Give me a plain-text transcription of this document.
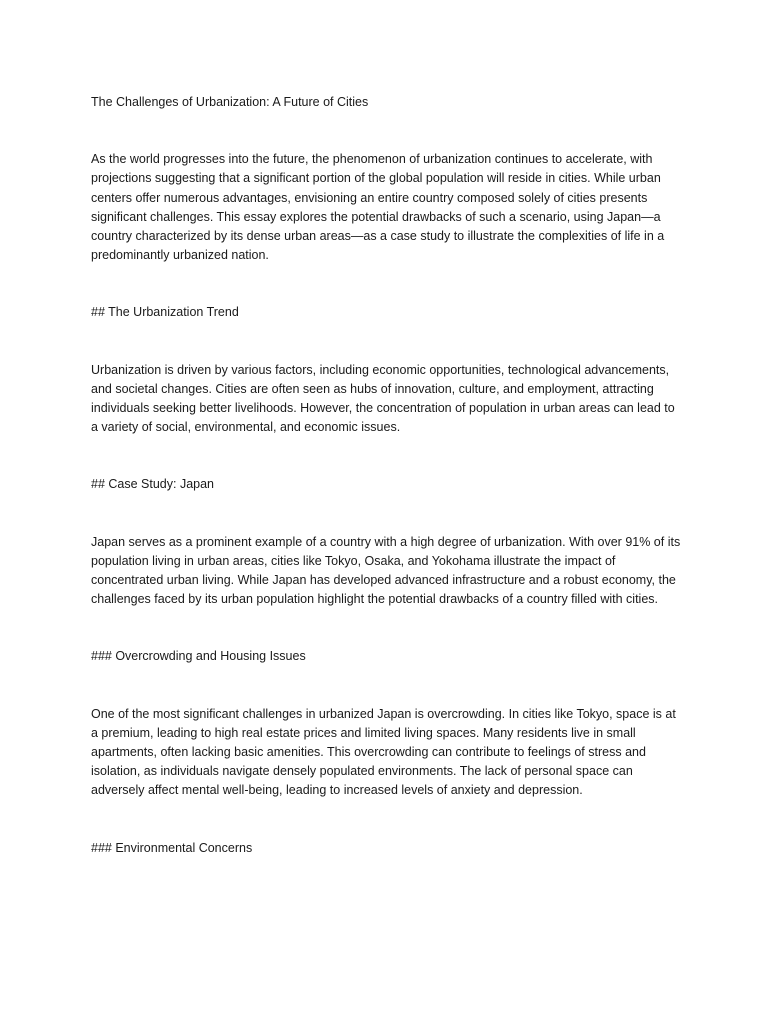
The Challenges of Urbanization: A Future of Cities

As the world progresses into the future, the phenomenon of urbanization continues to accelerate, with projections suggesting that a significant portion of the global population will reside in cities. While urban centers offer numerous advantages, envisioning an entire country composed solely of cities presents significant challenges. This essay explores the potential drawbacks of such a scenario, using Japan—a country characterized by its dense urban areas—as a case study to illustrate the complexities of life in a predominantly urbanized nation.

## The Urbanization Trend

Urbanization is driven by various factors, including economic opportunities, technological advancements, and societal changes. Cities are often seen as hubs of innovation, culture, and employment, attracting individuals seeking better livelihoods. However, the concentration of population in urban areas can lead to a variety of social, environmental, and economic issues.

## Case Study: Japan

Japan serves as a prominent example of a country with a high degree of urbanization. With over 91% of its population living in urban areas, cities like Tokyo, Osaka, and Yokohama illustrate the impact of concentrated urban living. While Japan has developed advanced infrastructure and a robust economy, the challenges faced by its urban population highlight the potential drawbacks of a country filled with cities.

### Overcrowding and Housing Issues

One of the most significant challenges in urbanized Japan is overcrowding. In cities like Tokyo, space is at a premium, leading to high real estate prices and limited living spaces. Many residents live in small apartments, often lacking basic amenities. This overcrowding can contribute to feelings of stress and isolation, as individuals navigate densely populated environments. The lack of personal space can adversely affect mental well-being, leading to increased levels of anxiety and depression.

### Environmental Concerns
